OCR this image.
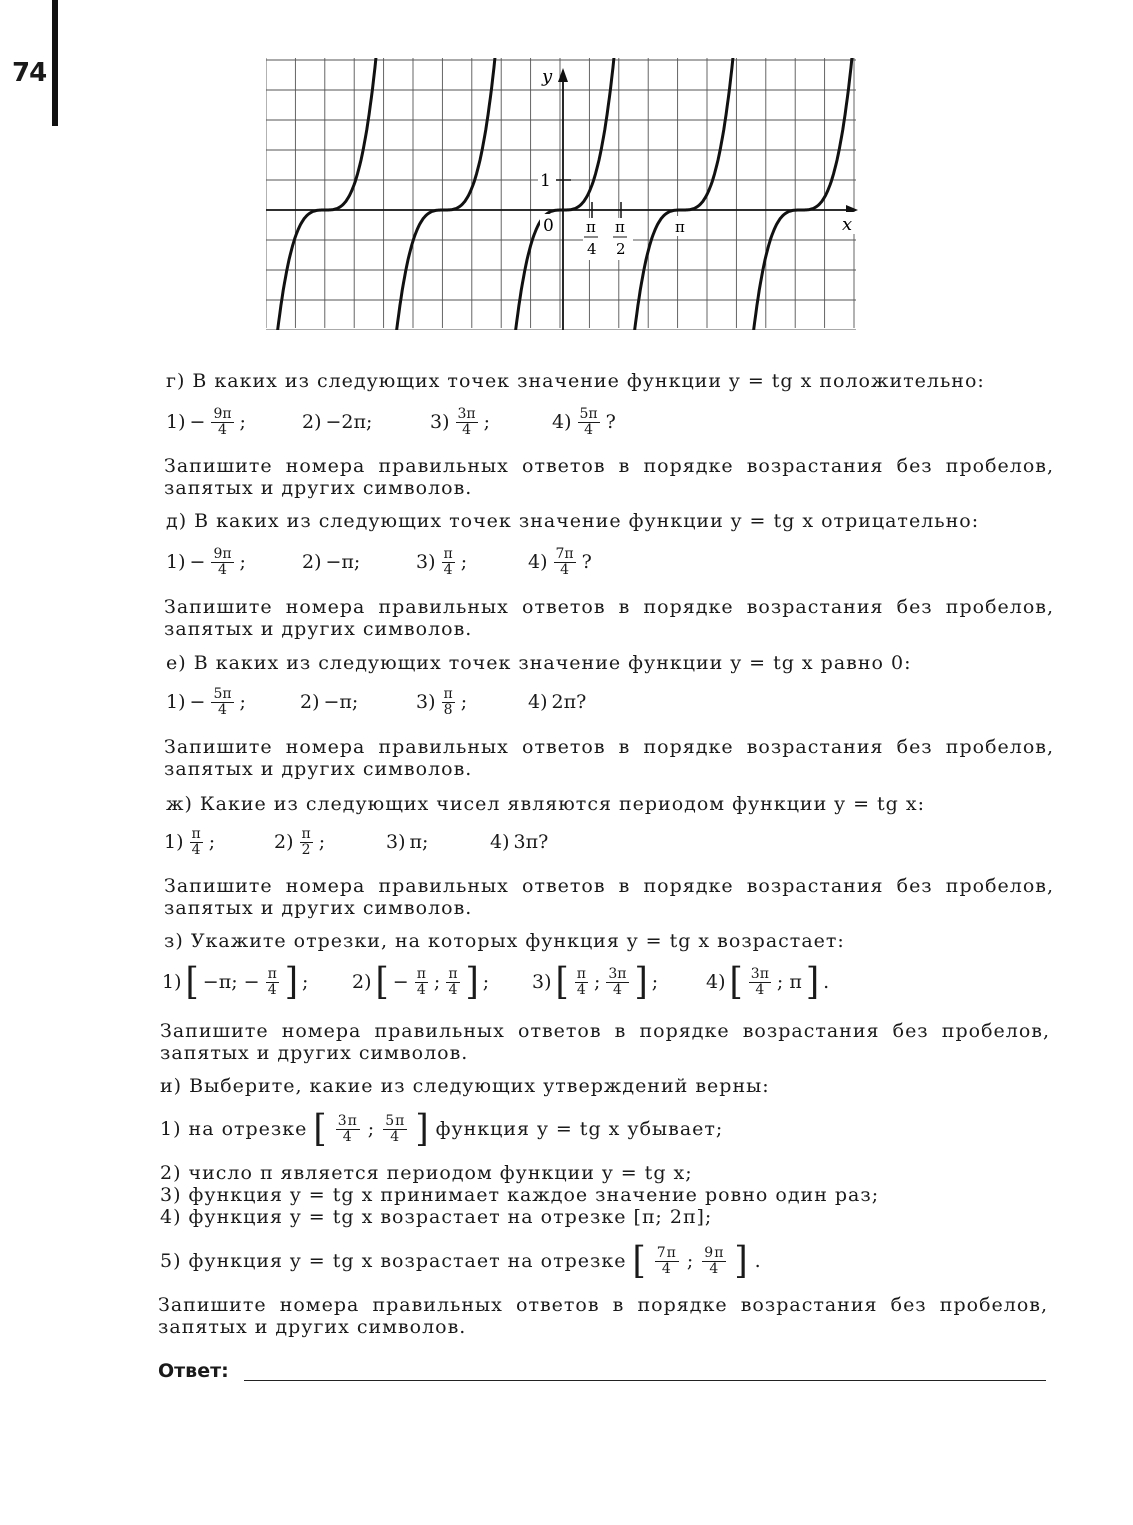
74	y
x
1
0 π
4
π
2
π
г) В каких из следующих точек значение функции y = tg x положительно:
$1) - \frac{9\pi}{4}$ ;	2) −2π;	$3) \frac{3\pi}{4}$ ;	$4) \frac{5\pi}{4}$ ?
Запишите номера правильных ответов в порядке возрастания без пробелов,
запятых и других символов.
д) В каких из следующих точек значение функции y = tg x отрицательно:
$1) - \frac{9\pi}{4}$ ;	2) −π;	$3) \frac{\pi}{4}$ ;	$4) \frac{7\pi}{4}$ ?
Запишите номера правильных ответов в порядке возрастания без пробелов,
запятых и других символов.
е) В каких из следующих точек значение функции y = tg x равно 0:
$1) - \frac{5\pi}{4}$ ;	2) −π;	$3) \frac{\pi}{8}$ ;	4) 2π?
Запишите номера правильных ответов в порядке возрастания без пробелов,
запятых и других символов.
ж) Какие из следующих чисел являются периодом функции y = tg x:
$1) \frac{\pi}{4}$ ;	$2) \frac{\pi}{2}$ ;	3) π;	4) 3π?
Запишите номера правильных ответов в порядке возрастания без пробелов,
запятых и других символов.
з) Укажите отрезки, на которых функция y = tg x возрастает:
1) [ −π; − $\frac{\pi}{4}$ ] ; 2) [ − $\frac{\pi}{4}$ ; $\frac{\pi}{4}$ ] ; 3) [ $\frac{\pi}{4}$ ; $\frac{3\pi}{4}$ ] ;	4) [ $\frac{3\pi}{4}$ ; π ] .
Запишите номера правильных ответов в порядке возрастания без пробелов,
запятых и других символов.
и) Выберите, какие из следующих утверждений верны:
1) на отрезке [ $\frac{3\pi}{4}$ ; $\frac{5\pi}{4}$ ] функция y = tg x убывает;
2) число π является периодом функции y = tg x;
3) функция y = tg x принимает каждое значение ровно один раз;
4) функция y = tg x возрастает на отрезке [π; 2π];
5) функция y = tg x возрастает на отрезке [ $\frac{7\pi}{4}$ ; $\frac{9\pi}{4}$ ] .
Запишите номера правильных ответов в порядке возрастания без пробелов,
запятых и других символов.
Ответ:
